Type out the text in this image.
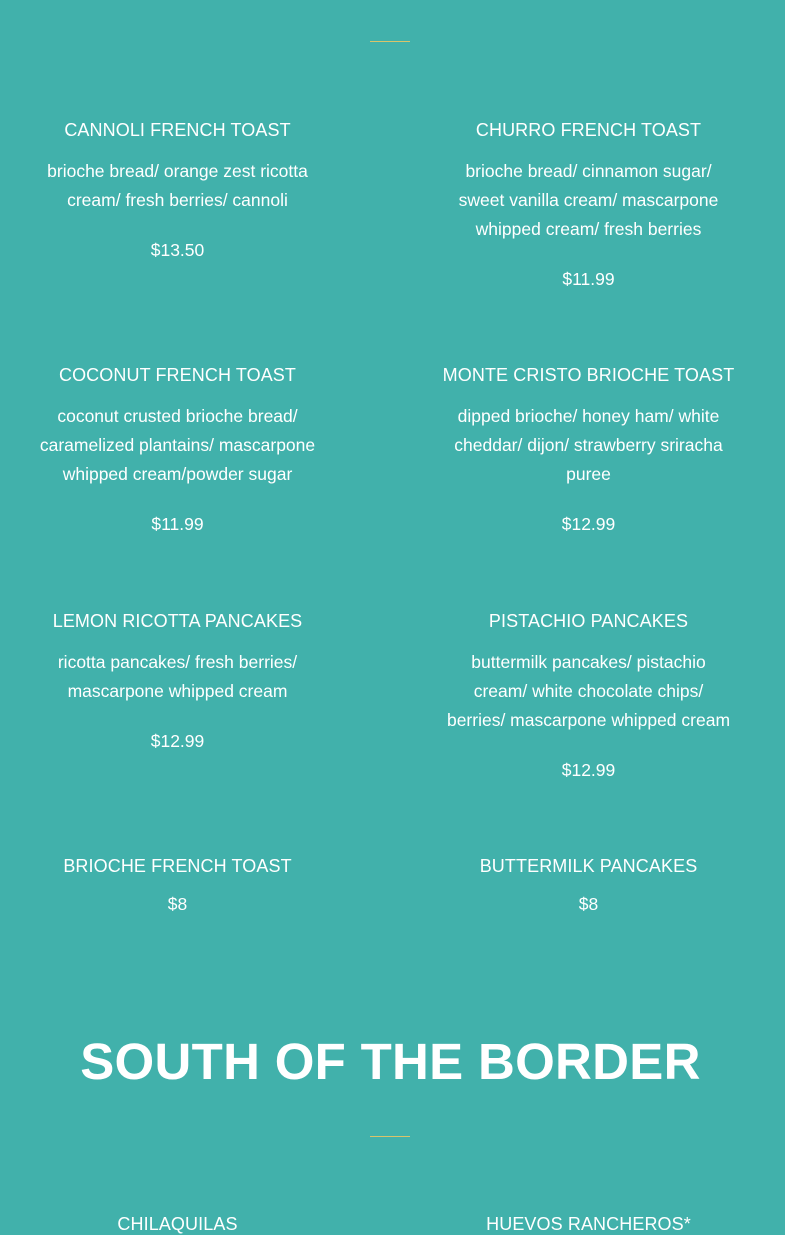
CANNOLI FRENCH TOAST
brioche bread/ orange zest ricotta cream/ fresh berries/ cannoli
$13.50
CHURRO FRENCH TOAST
brioche bread/ cinnamon sugar/ sweet vanilla cream/ mascarpone whipped cream/ fresh berries
$11.99
COCONUT FRENCH TOAST
coconut crusted brioche bread/ caramelized plantains/ mascarpone whipped cream/powder sugar
$11.99
MONTE CRISTO BRIOCHE TOAST
dipped brioche/ honey ham/ white cheddar/ dijon/ strawberry sriracha puree
$12.99
LEMON RICOTTA PANCAKES
ricotta pancakes/ fresh berries/ mascarpone whipped cream
$12.99
PISTACHIO PANCAKES
buttermilk pancakes/ pistachio cream/ white chocolate chips/ berries/ mascarpone whipped cream
$12.99
BRIOCHE FRENCH TOAST
$8
BUTTERMILK PANCAKES
$8
SOUTH OF THE BORDER
CHILAQUILAS	HUEVOS RANCHEROS*
